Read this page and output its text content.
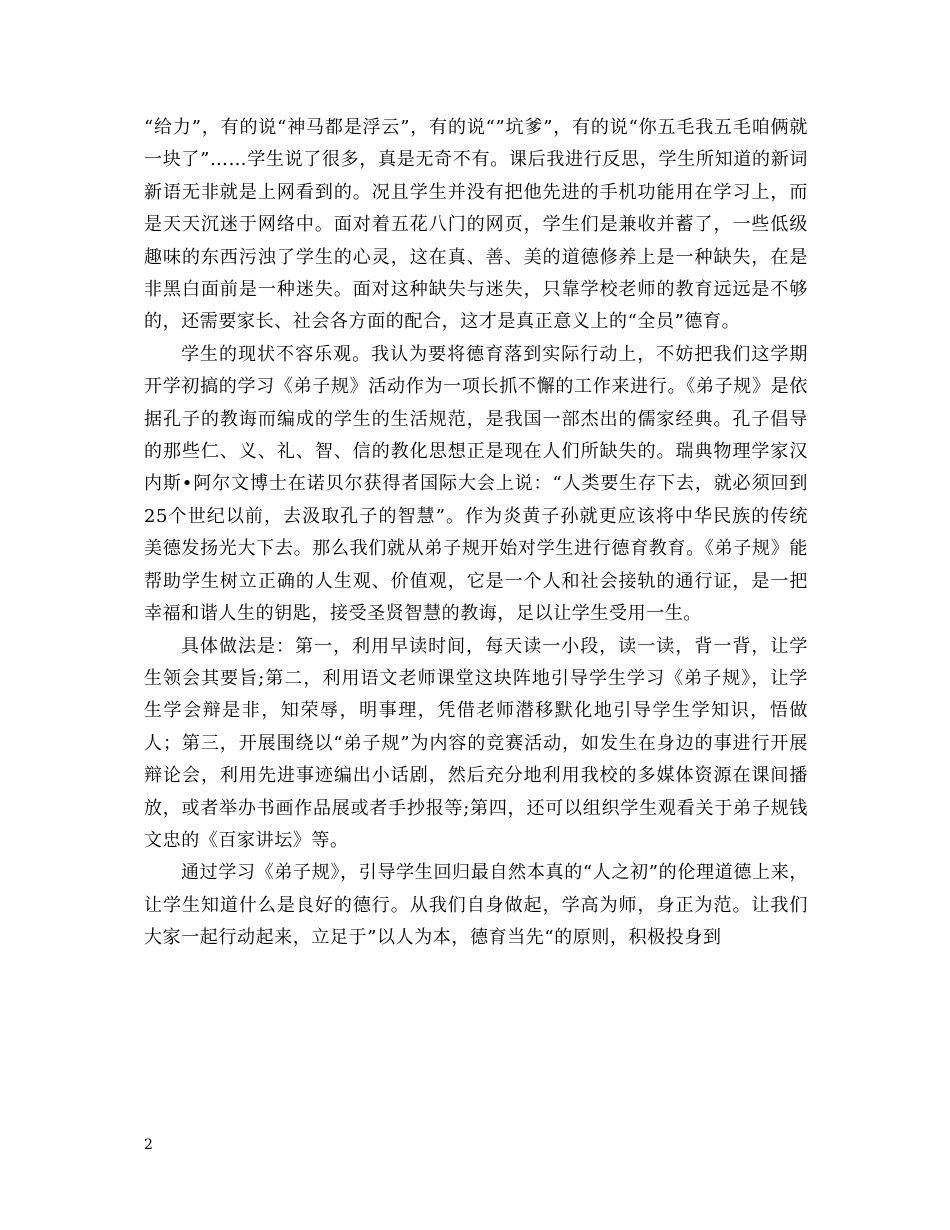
“给力”，有的说“神马都是浮云”，有的说“”坑爹”，有的说“你五毛我五毛咱俩就一块了”……学生说了很多，真是无奇不有。课后我进行反思，学生所知道的新词新语无非就是上网看到的。况且学生并没有把他先进的手机功能用在学习上，而是天天沉迷于网络中。面对着五花八门的网页，学生们是兼收并蓄了，一些低级趣味的东西污浊了学生的心灵，这在真、善、美的道德修养上是一种缺失，在是非黑白面前是一种迷失。面对这种缺失与迷失，只靠学校老师的教育远远是不够的，还需要家长、社会各方面的配合，这才是真正意义上的“全员”德育。

学生的现状不容乐观。我认为要将德育落到实际行动上，不妨把我们这学期开学初搞的学习《弟子规》活动作为一项长抓不懈的工作来进行。《弟子规》是依据孔子的教诲而编成的学生的生活规范，是我国一部杰出的儒家经典。孔子倡导的那些仁、义、礼、智、信的教化思想正是现在人们所缺失的。瑞典物理学家汉内斯•阿尔文博士在诺贝尔获得者国际大会上说：“人类要生存下去，就必须回到25个世纪以前，去汲取孔子的智慧”。作为炎黄子孙就更应该将中华民族的传统美德发扬光大下去。那么我们就从弟子规开始对学生进行德育教育。《弟子规》能帮助学生树立正确的人生观、价值观，它是一个人和社会接轨的通行证，是一把幸福和谐人生的钥匙，接受圣贤智慧的教诲，足以让学生受用一生。

具体做法是：第一，利用早读时间，每天读一小段，读一读，背一背，让学生领会其要旨;第二，利用语文老师课堂这块阵地引导学生学习《弟子规》，让学生学会辩是非，知荣辱，明事理，凭借老师潜移默化地引导学生学知识，悟做人；第三，开展围绕以“弟子规”为内容的竞赛活动，如发生在身边的事进行开展辩论会，利用先进事迹编出小话剧，然后充分地利用我校的多媒体资源在课间播放，或者举办书画作品展或者手抄报等;第四，还可以组织学生观看关于弟子规钱文忠的《百家讲坛》等。

通过学习《弟子规》，引导学生回归最自然本真的“人之初”的伦理道德上来，让学生知道什么是良好的德行。从我们自身做起，学高为师，身正为范。让我们大家一起行动起来，立足于”以人为本，德育当先“的原则，积极投身到

2
